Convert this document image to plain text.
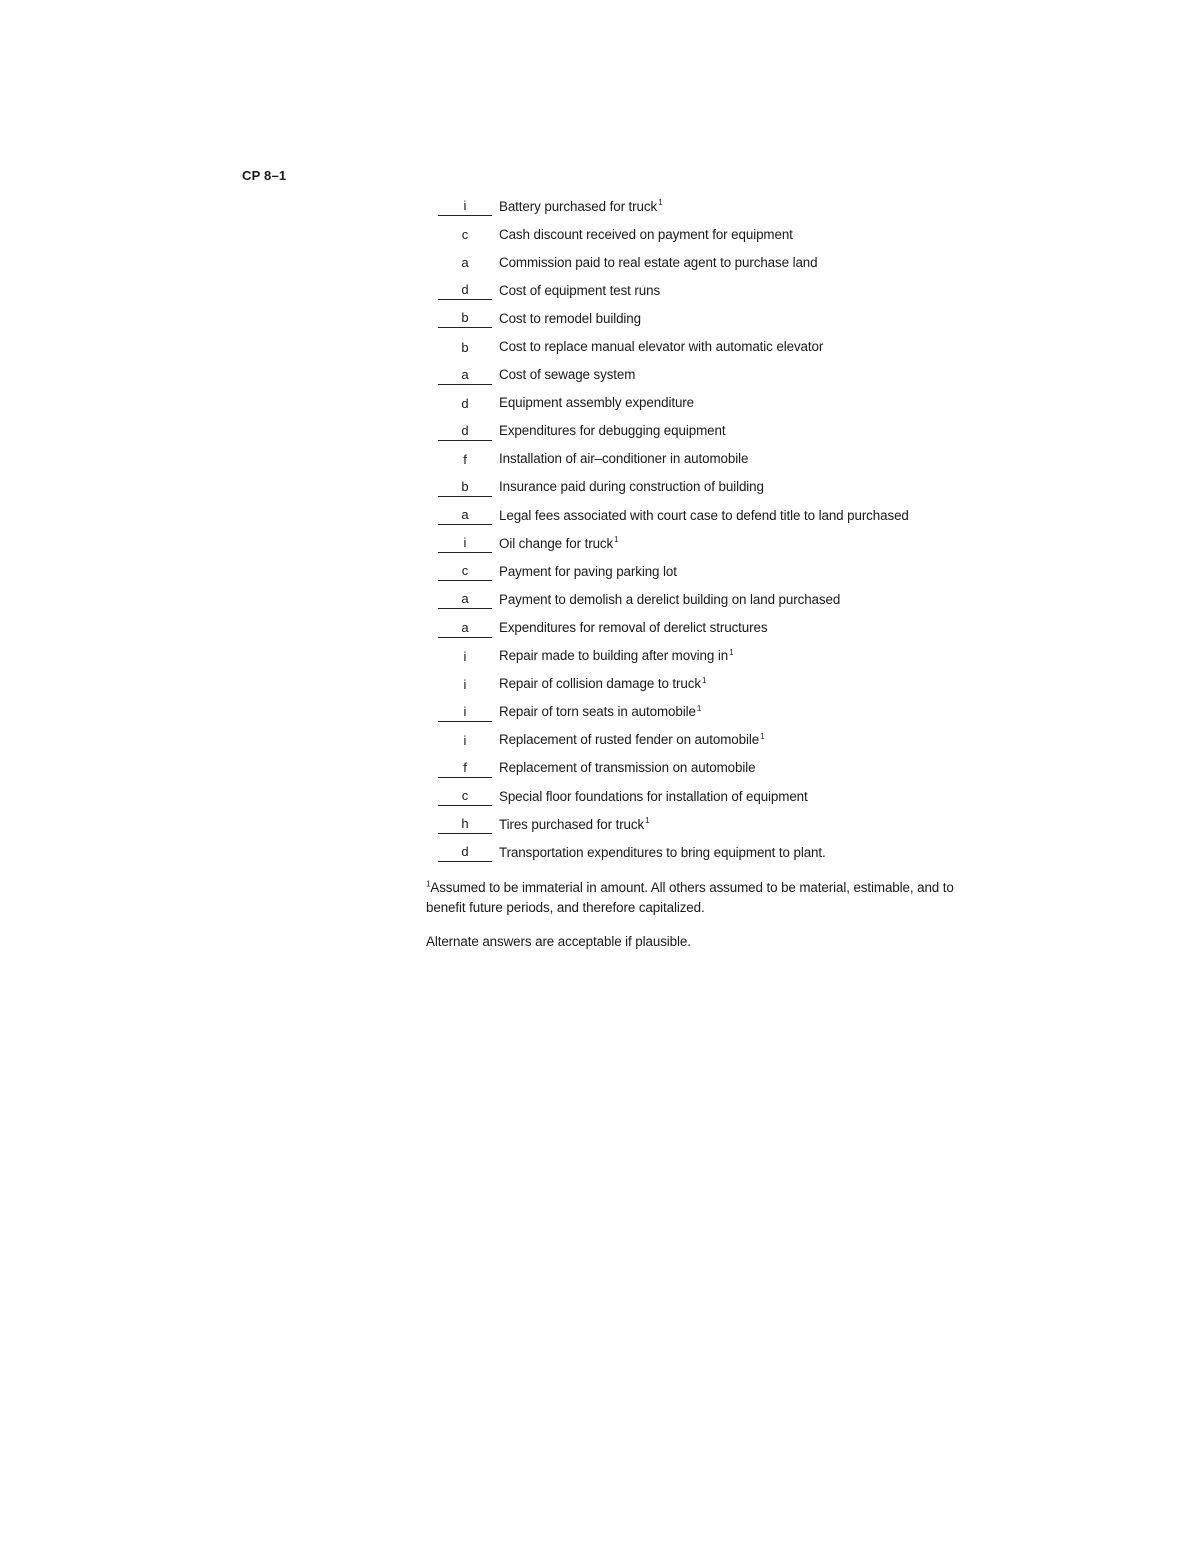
CP 8–1
i	Battery purchased for truck$^1$
c	Cash discount received on payment for equipment
a	Commission paid to real estate agent to purchase land
d	Cost of equipment test runs
b	Cost to remodel building
b	Cost to replace manual elevator with automatic elevator
a	Cost of sewage system
d	Equipment assembly expenditure
d	Expenditures for debugging equipment
f	Installation of air–conditioner in automobile
b	Insurance paid during construction of building
a	Legal fees associated with court case to defend title to land purchased
i	Oil change for truck$^1$
c	Payment for paving parking lot
a	Payment to demolish a derelict building on land purchased
a	Expenditures for removal of derelict structures
i	Repair made to building after moving in$^1$
i	Repair of collision damage to truck$^1$
i	Repair of torn seats in automobile$^1$
i	Replacement of rusted fender on automobile$^1$
f	Replacement of transmission on automobile
c	Special floor foundations for installation of equipment
h	Tires purchased for truck$^1$
d	Transportation expenditures to bring equipment to plant.
$^1$Assumed to be immaterial in amount. All others assumed to be material, estimable, and to benefit future periods, and therefore capitalized.
Alternate answers are acceptable if plausible.
